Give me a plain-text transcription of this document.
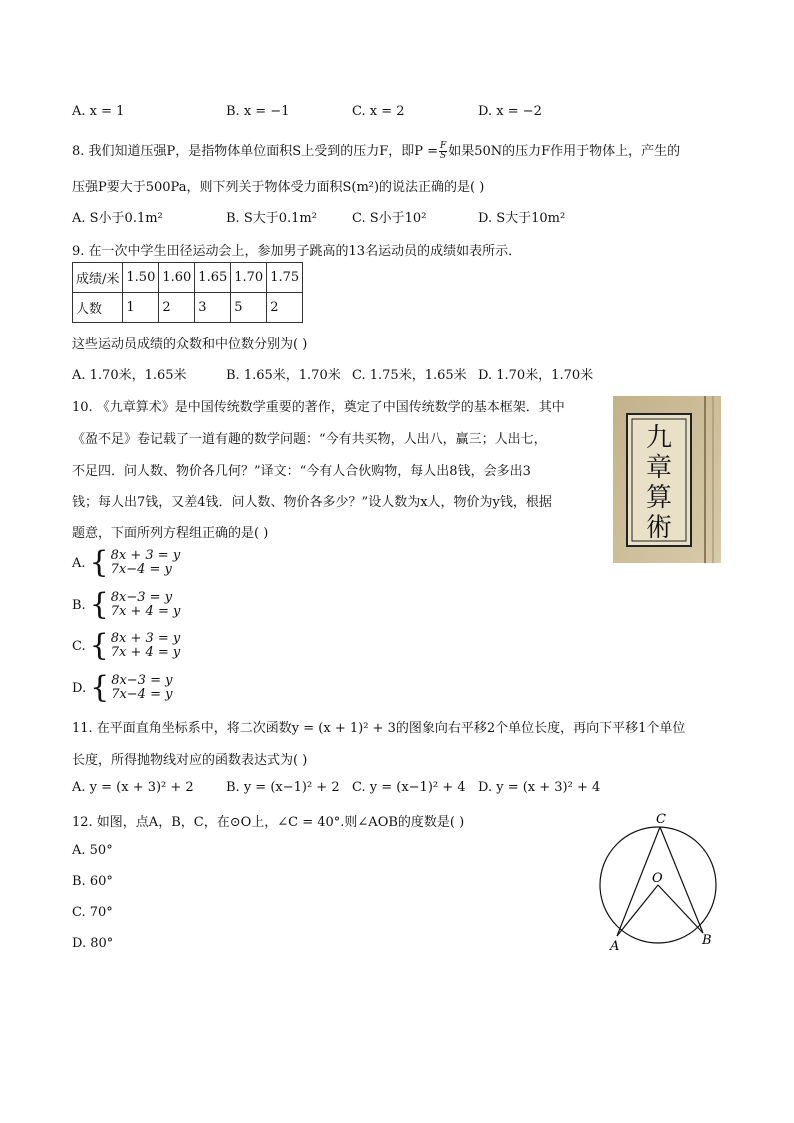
A. x = 1	B. x = −1	C. x = 2	D. x = −2
8. 我们知道压强P，是指物体单位面积S上受到的压力F，即$P = \frac{F}{S}$ 如果50N的压力F作用于物体上，产生的
压强P要大于500Pa，则下列关于物体受力面积S(m²)的说法正确的是( )
A. S小于0.1m²	B. S大于0.1m²	C. S小于10²	D. S大于10m²
9. 在一次中学生田径运动会上，参加男子跳高的13名运动员的成绩如表所示．
成绩/米	1.50	1.60	1.65	1.70	1.75
人数	1	2	3	5	2
这些运动员成绩的众数和中位数分别为( )
A. 1.70米，1.65米	B. 1.65米，1.70米 C. 1.75米，1.65米 D. 1.70米，1.70米
10. 《九章算术》是中国传统数学重要的著作，奠定了中国传统数学的基本框架．其中
《盈不足》卷记载了一道有趣的数学问题：“今有共买物，人出八，赢三；人出七，
不足四．问人数、物价各几何？”译文：“今有人合伙购物，每人出8钱，会多出3
钱；每人出7钱，又差4钱．问人数、物价各多少？”设人数为x人，物价为y钱，根据
题意，下面所列方程组正确的是( )
九
章
算
術
A. { 8x + 3 = y
7x−4 = y
B. { 8x−3 = y
7x + 4 = y
C. { 8x + 3 = y
7x + 4 = y
D. { 8x−3 = y
7x−4 = y
11. 在平面直角坐标系中，将二次函数y = (x + 1)² + 3的图象向右平移2个单位长度，再向下平移1个单位
长度，所得抛物线对应的函数表达式为( )
A. y = (x + 3)² + 2 B. y = (x−1)² + 2 C. y = (x−1)² + 4 D. y = (x + 3)² + 4
12. 如图，点A，B，C，在⊙O上，∠C = 40°.则∠AOB的度数是( )
A. 50°
B. 60°
C. 70°
D. 80°
C
O
A	B
